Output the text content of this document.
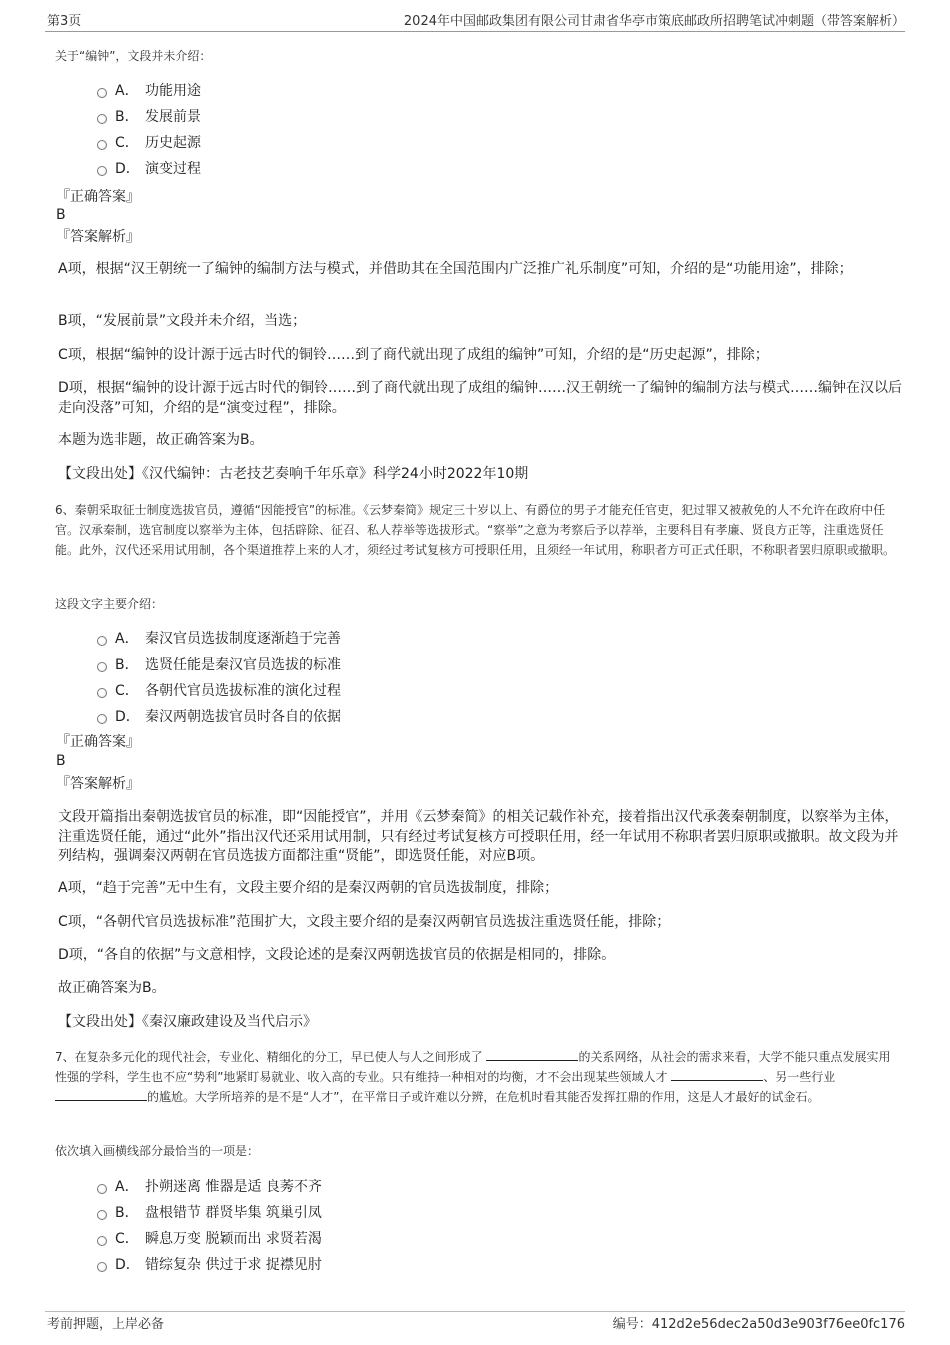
第3页	2024年中国邮政集团有限公司甘肃省华亭市策底邮政所招聘笔试冲刺题（带答案解析）
关于“编钟”，文段并未介绍：
A． 功能用途
B． 发展前景
C． 历史起源
D． 演变过程
『正确答案』
B
『答案解析』
A项，根据“汉王朝统一了编钟的编制方法与模式，并借助其在全国范围内广泛推广礼乐制度”可知，介绍的是“功能用途”，排除；
B项，“发展前景”文段并未介绍，当选；
C项，根据“编钟的设计源于远古时代的铜铃……到了商代就出现了成组的编钟”可知，介绍的是“历史起源”，排除；
D项，根据“编钟的设计源于远古时代的铜铃……到了商代就出现了成组的编钟……汉王朝统一了编钟的编制方法与模式……编钟在汉以后走向没落”可知，介绍的是“演变过程”，排除。
本题为选非题，故正确答案为B。
【文段出处】《汉代编钟：古老技艺奏响千年乐章》科学24小时2022年10期
6、秦朝采取征士制度选拔官员，遵循“因能授官”的标准。《云梦秦简》规定三十岁以上、有爵位的男子才能充任官吏，犯过罪又被赦免的人不允许在政府中任官。汉承秦制，选官制度以察举为主体，包括辟除、征召、私人荐举等选拔形式。“察举”之意为考察后予以荐举，主要科目有孝廉、贤良方正等，注重选贤任能。此外，汉代还采用试用制，各个渠道推荐上来的人才，须经过考试复核方可授职任用，且须经一年试用，称职者方可正式任职，不称职者罢归原职或撤职。
这段文字主要介绍：
A． 秦汉官员选拔制度逐渐趋于完善
B． 选贤任能是秦汉官员选拔的标准
C． 各朝代官员选拔标准的演化过程
D． 秦汉两朝选拔官员时各自的依据
『正确答案』
B
『答案解析』
文段开篇指出秦朝选拔官员的标准，即“因能授官”，并用《云梦秦简》的相关记载作补充，接着指出汉代承袭秦朝制度，以察举为主体，注重选贤任能，通过“此外”指出汉代还采用试用制，只有经过考试复核方可授职任用，经一年试用不称职者罢归原职或撤职。故文段为并列结构，强调秦汉两朝在官员选拔方面都注重“贤能”，即选贤任能，对应B项。
A项，“趋于完善”无中生有，文段主要介绍的是秦汉两朝的官员选拔制度，排除；
C项，“各朝代官员选拔标准”范围扩大，文段主要介绍的是秦汉两朝官员选拔注重选贤任能，排除；
D项，“各自的依据”与文意相悖，文段论述的是秦汉两朝选拔官员的依据是相同的，排除。
故正确答案为B。
【文段出处】《秦汉廉政建设及当代启示》
7、在复杂多元化的现代社会，专业化、精细化的分工，早已使人与人之间形成了	的关系网络，从社会的需求来看，大学不能只重点发展实用性强的学科，学生也不应“势利”地紧盯易就业、收入高的专业。只有维持一种相对的均衡，才不会出现某些领域人才	、另一些行业 的尴尬。大学所培养的是不是“人才”，在平常日子或许难以分辨，在危机时看其能否发挥扛鼎的作用，这是人才最好的试金石。
依次填入画横线部分最恰当的一项是：
A． 扑朔迷离 惟器是适 良莠不齐
B． 盘根错节 群贤毕集 筑巢引凤
C． 瞬息万变 脱颖而出 求贤若渴
D． 错综复杂 供过于求 捉襟见肘
考前押题，上岸必备	编号：412d2e56dec2a50d3e903f76ee0fc176
